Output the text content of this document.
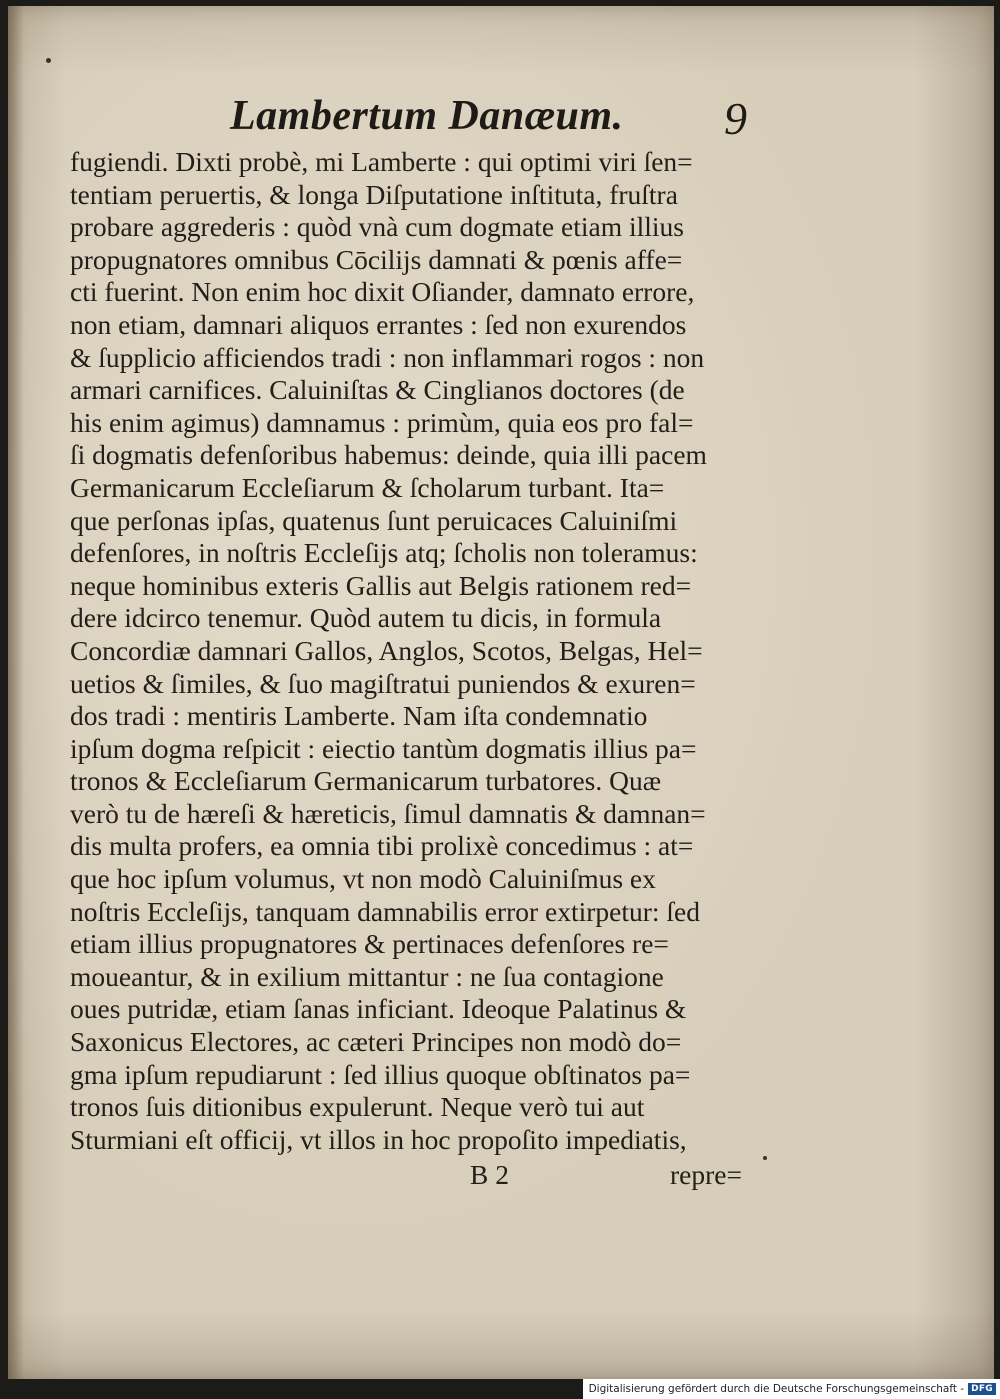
Lambertum Danæum. 9
fugiendi. Dixti probè, mi Lamberte : qui optimi viri ſen=
tentiam peruertis, & longa Diſputatione inſtituta, fruſtra
probare aggrederis : quòd vnà cum dogmate etiam illius
propugnatores omnibus Cōcilijs damnati & pœnis affe=
cti fuerint. Non enim hoc dixit Oſiander, damnato errore,
non etiam, damnari aliquos errantes : ſed non exurendos
& ſupplicio afficiendos tradi : non inflammari rogos : non
armari carnifices. Caluiniſtas & Cinglianos doctores (de
his enim agimus) damnamus : primùm, quia eos pro fal=
ſi dogmatis defenſoribus habemus: deinde, quia illi pacem
Germanicarum Eccleſiarum & ſcholarum turbant. Ita=
que perſonas ipſas, quatenus ſunt peruicaces Caluiniſmi
defenſores, in noſtris Eccleſijs atq; ſcholis non toleramus:
neque hominibus exteris Gallis aut Belgis rationem red=
dere idcirco tenemur. Quòd autem tu dicis, in formula
Concordiæ damnari Gallos, Anglos, Scotos, Belgas, Hel=
uetios & ſimiles, & ſuo magiſtratui puniendos & exuren=
dos tradi : mentiris Lamberte. Nam iſta condemnatio
ipſum dogma reſpicit : eiectio tantùm dogmatis illius pa=
tronos & Eccleſiarum Germanicarum turbatores. Quæ
verò tu de hæreſi & hæreticis, ſimul damnatis & damnan=
dis multa profers, ea omnia tibi prolixè concedimus : at=
que hoc ipſum volumus, vt non modò Caluiniſmus ex
noſtris Eccleſijs, tanquam damnabilis error extirpetur: ſed
etiam illius propugnatores & pertinaces defenſores re=
moueantur, & in exilium mittantur : ne ſua contagione
oues putridæ, etiam ſanas inficiant. Ideoque Palatinus &
Saxonicus Electores, ac cæteri Principes non modò do=
gma ipſum repudiarunt : ſed illius quoque obſtinatos pa=
tronos ſuis ditionibus expulerunt. Neque verò tui aut
Sturmiani eſt officij, vt illos in hoc propoſito impediatis,
B 2	repre=
Digitalisierung gefördert durch die Deutsche Forschungsgemeinschaft - DFG
